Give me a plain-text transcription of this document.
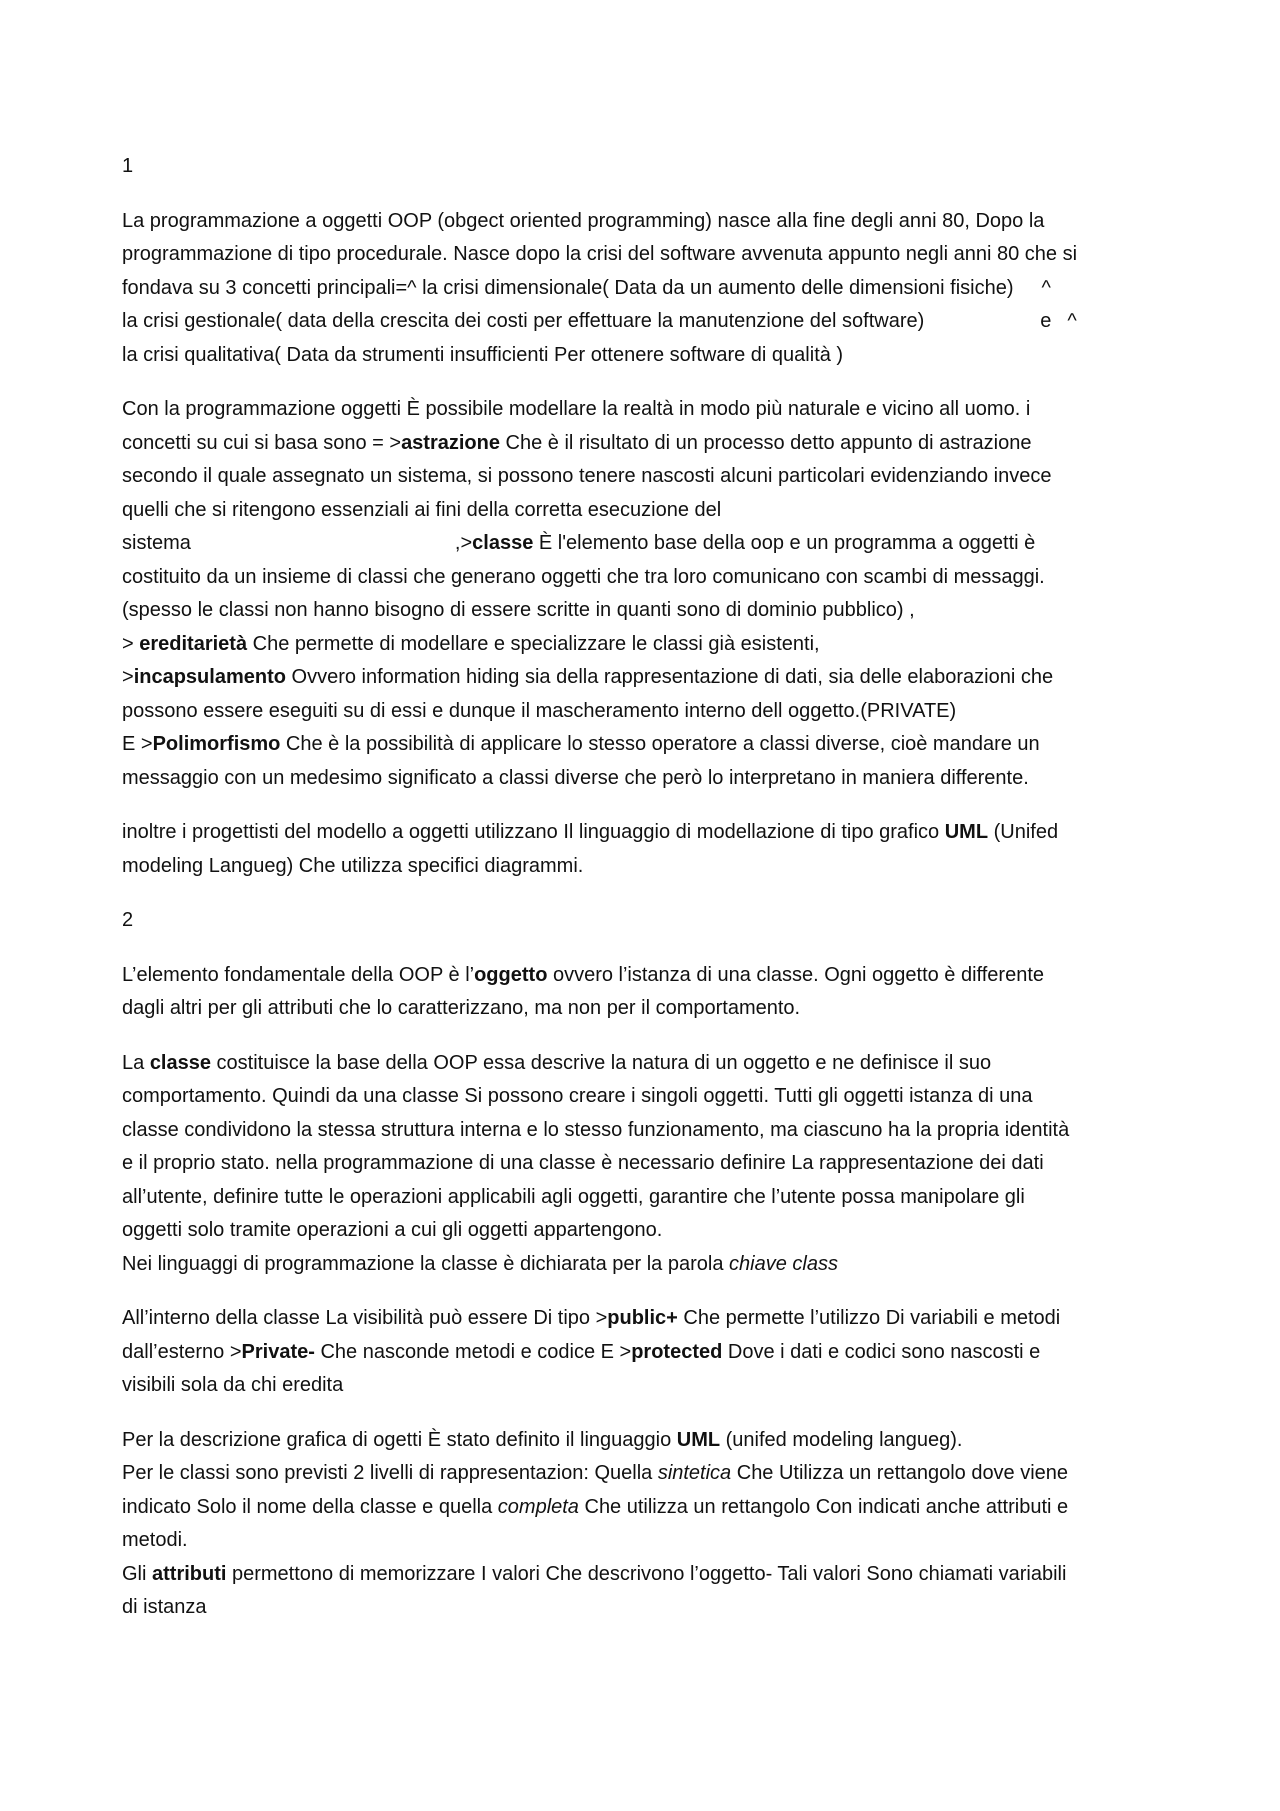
1
La programmazione a oggetti OOP (obgect oriented programming) nasce alla fine degli anni 80, Dopo la
programmazione di tipo procedurale. Nasce dopo la crisi del software avvenuta appunto negli anni 80 che si
fondava su 3 concetti principali=^ la crisi dimensionale( Data da un aumento delle dimensioni fisiche) ^
la crisi gestionale( data della crescita dei costi per effettuare la manutenzione del software)	e ^
la crisi qualitativa( Data da strumenti insufficienti Per ottenere software di qualità )
Con la programmazione oggetti È possibile modellare la realtà in modo più naturale e vicino all uomo. i
concetti su cui si basa sono = >astrazione Che è il risultato di un processo detto appunto di astrazione
secondo il quale assegnato un sistema, si possono tenere nascosti alcuni particolari evidenziando invece
quelli che si ritengono essenziali ai fini della corretta esecuzione del
sistema	,>classe È l'elemento base della oop e un programma a oggetti è
costituito da un insieme di classi che generano oggetti che tra loro comunicano con scambi di messaggi.
(spesso le classi non hanno bisogno di essere scritte in quanti sono di dominio pubblico) ,
> ereditarietà Che permette di modellare e specializzare le classi già esistenti,
>incapsulamento Ovvero information hiding sia della rappresentazione di dati, sia delle elaborazioni che
possono essere eseguiti su di essi e dunque il mascheramento interno dell oggetto.(PRIVATE)
E >Polimorfismo Che è la possibilità di applicare lo stesso operatore a classi diverse, cioè mandare un
messaggio con un medesimo significato a classi diverse che però lo interpretano in maniera differente.
inoltre i progettisti del modello a oggetti utilizzano Il linguaggio di modellazione di tipo grafico UML (Unifed
modeling Langueg) Che utilizza specifici diagrammi.
2
L’elemento fondamentale della OOP è l’oggetto ovvero l’istanza di una classe. Ogni oggetto è differente
dagli altri per gli attributi che lo caratterizzano, ma non per il comportamento.
La classe costituisce la base della OOP essa descrive la natura di un oggetto e ne definisce il suo
comportamento. Quindi da una classe Si possono creare i singoli oggetti. Tutti gli oggetti istanza di una
classe condividono la stessa struttura interna e lo stesso funzionamento, ma ciascuno ha la propria identità
e il proprio stato. nella programmazione di una classe è necessario definire La rappresentazione dei dati
all’utente, definire tutte le operazioni applicabili agli oggetti, garantire che l’utente possa manipolare gli
oggetti solo tramite operazioni a cui gli oggetti appartengono.
Nei linguaggi di programmazione la classe è dichiarata per la parola chiave class
All’interno della classe La visibilità può essere Di tipo >public+ Che permette l’utilizzo Di variabili e metodi
dall’esterno >Private- Che nasconde metodi e codice E >protected Dove i dati e codici sono nascosti e
visibili sola da chi eredita
Per la descrizione grafica di ogetti È stato definito il linguaggio UML (unifed modeling langueg).
Per le classi sono previsti 2 livelli di rappresentazion: Quella sintetica Che Utilizza un rettangolo dove viene
indicato Solo il nome della classe e quella completa Che utilizza un rettangolo Con indicati anche attributi e
metodi.
Gli attributi permettono di memorizzare I valori Che descrivono l’oggetto- Tali valori Sono chiamati variabili
di istanza
